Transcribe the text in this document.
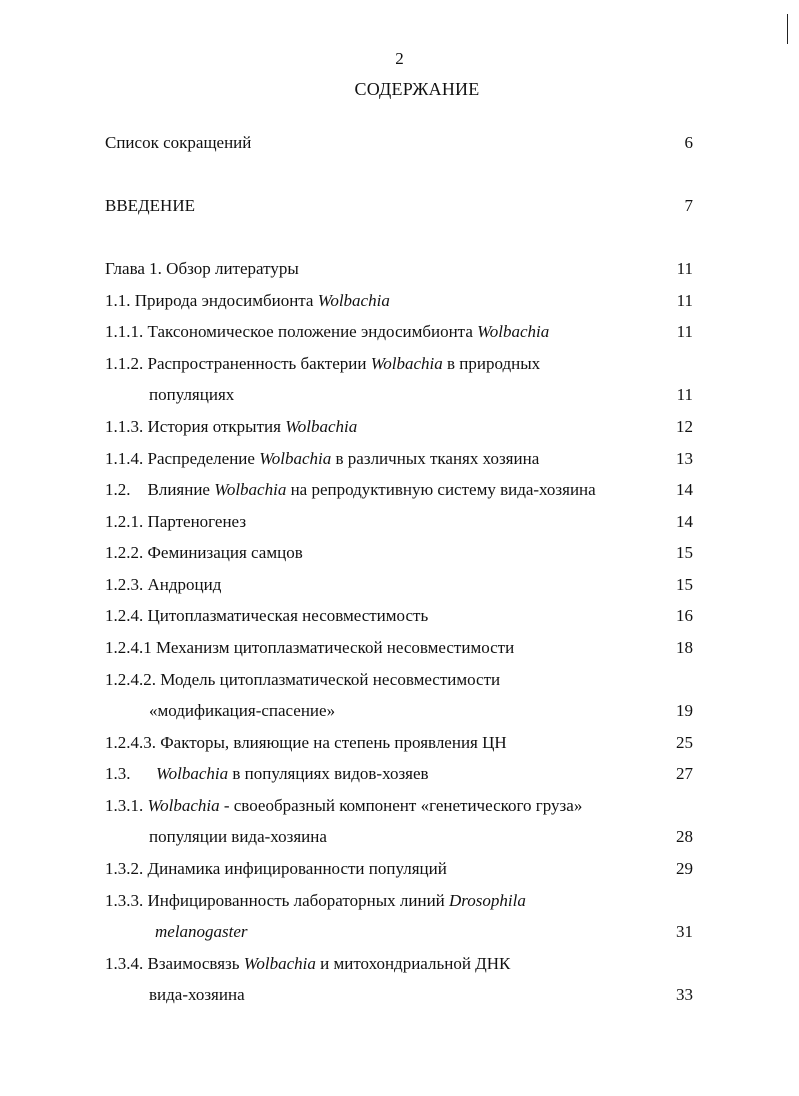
2
СОДЕРЖАНИЕ
Список сокращений	6
ВВЕДЕНИЕ	7
Глава 1. Обзор литературы	11
1.1. Природа эндосимбионта Wolbachia	11
1.1.1. Таксономическое положение эндосимбионта Wolbachia	11
1.1.2. Распространенность бактерии Wolbachia в природных
популяциях	11
1.1.3. История открытия Wolbachia	12
1.1.4. Распределение Wolbachia в различных тканях хозяина	13
1.2.    Влияние Wolbachia на репродуктивную систему вида-хозяина	14
1.2.1. Партеногенез	14
1.2.2. Феминизация самцов	15
1.2.3. Андроцид	15
1.2.4. Цитоплазматическая несовместимость	16
1.2.4.1 Механизм цитоплазматической несовместимости	18
1.2.4.2. Модель цитоплазматической несовместимости
«модификация-спасение»	19
1.2.4.3. Факторы, влияющие на степень проявления ЦН	25
1.3.      Wolbachia в популяциях видов-хозяев	27
1.3.1. Wolbachia - своеобразный компонент «генетического груза»
популяции вида-хозяина	28
1.3.2. Динамика инфицированности популяций	29
1.3.3. Инфицированность лабораторных линий Drosophila
melanogaster	31
1.3.4. Взаимосвязь Wolbachia и митохондриальной ДНК
вида-хозяина	33
